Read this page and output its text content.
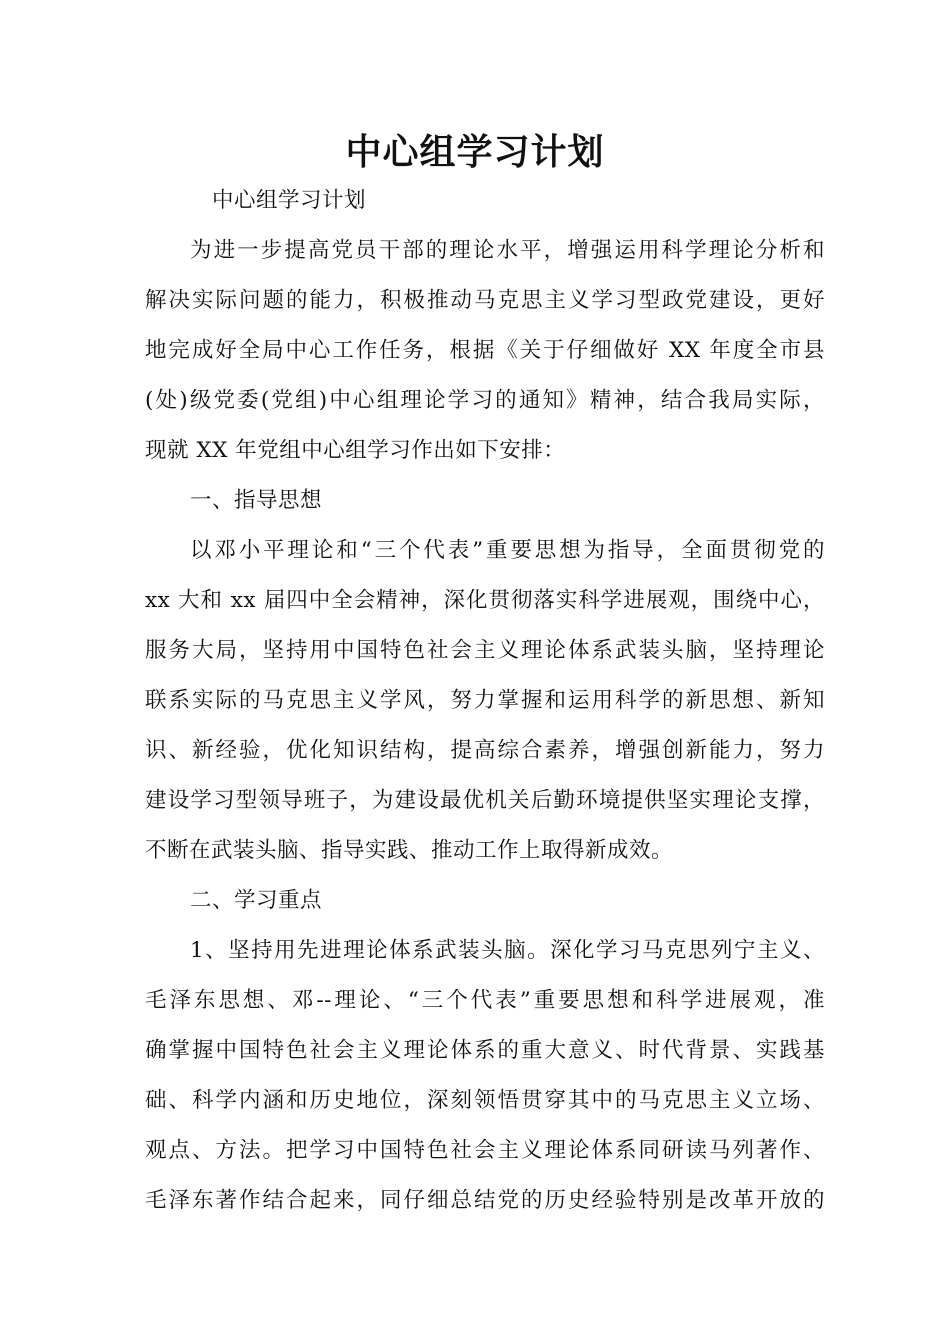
中心组学习计划
中心组学习计划
为进一步提高党员干部的理论水平，增强运用科学理论分析和
解决实际问题的能力，积极推动马克思主义学习型政党建设，更好
地完成好全局中心工作任务，根据《关于仔细做好 XX 年度全市县
(处)级党委(党组)中心组理论学习的通知》精神，结合我局实际，
现就 XX 年党组中心组学习作出如下安排：
一、指导思想
以邓小平理论和“三个代表”重要思想为指导，全面贯彻党的
xx 大和 xx 届四中全会精神，深化贯彻落实科学进展观，围绕中心，
服务大局，坚持用中国特色社会主义理论体系武装头脑，坚持理论
联系实际的马克思主义学风，努力掌握和运用科学的新思想、新知
识、新经验，优化知识结构，提高综合素养，增强创新能力，努力
建设学习型领导班子，为建设最优机关后勤环境提供坚实理论支撑，
不断在武装头脑、指导实践、推动工作上取得新成效。
二、学习重点
1、坚持用先进理论体系武装头脑。深化学习马克思列宁主义、
毛泽东思想、邓--理论、“三个代表”重要思想和科学进展观，准
确掌握中国特色社会主义理论体系的重大意义、时代背景、实践基
础、科学内涵和历史地位，深刻领悟贯穿其中的马克思主义立场、
观点、方法。把学习中国特色社会主义理论体系同研读马列著作、
毛泽东著作结合起来，同仔细总结党的历史经验特别是改革开放的
